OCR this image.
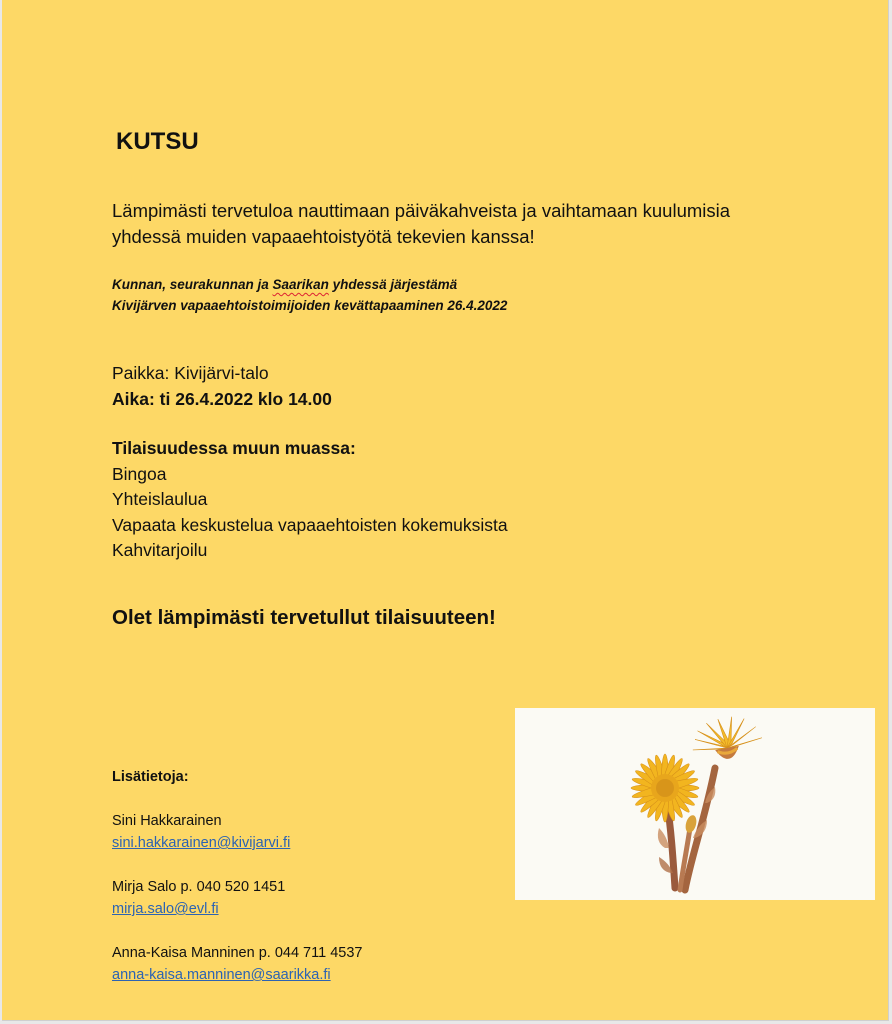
KUTSU
Lämpimästi tervetuloa nauttimaan päiväkahveista ja vaihtamaan kuulumisia
yhdessä muiden vapaaehtoistyötä tekevien kanssa!
Kunnan, seurakunnan ja Saarikan yhdessä järjestämä
Kivijärven vapaaehtoistoimijoiden kevättapaaminen 26.4.2022
Paikka: Kivijärvi-talo
Aika: ti 26.4.2022 klo 14.00
Tilaisuudessa muun muassa:
Bingoa
Yhteislaulua
Vapaata keskustelua vapaaehtoisten kokemuksista
Kahvitarjoilu
Olet lämpimästi tervetullut tilaisuuteen!
Lisätietoja:
Sini Hakkarainen
sini.hakkarainen@kivijarvi.fi
Mirja Salo p. 040 520 1451
mirja.salo@evl.fi
Anna-Kaisa Manninen p. 044 711 4537
anna-kaisa.manninen@saarikka.fi
